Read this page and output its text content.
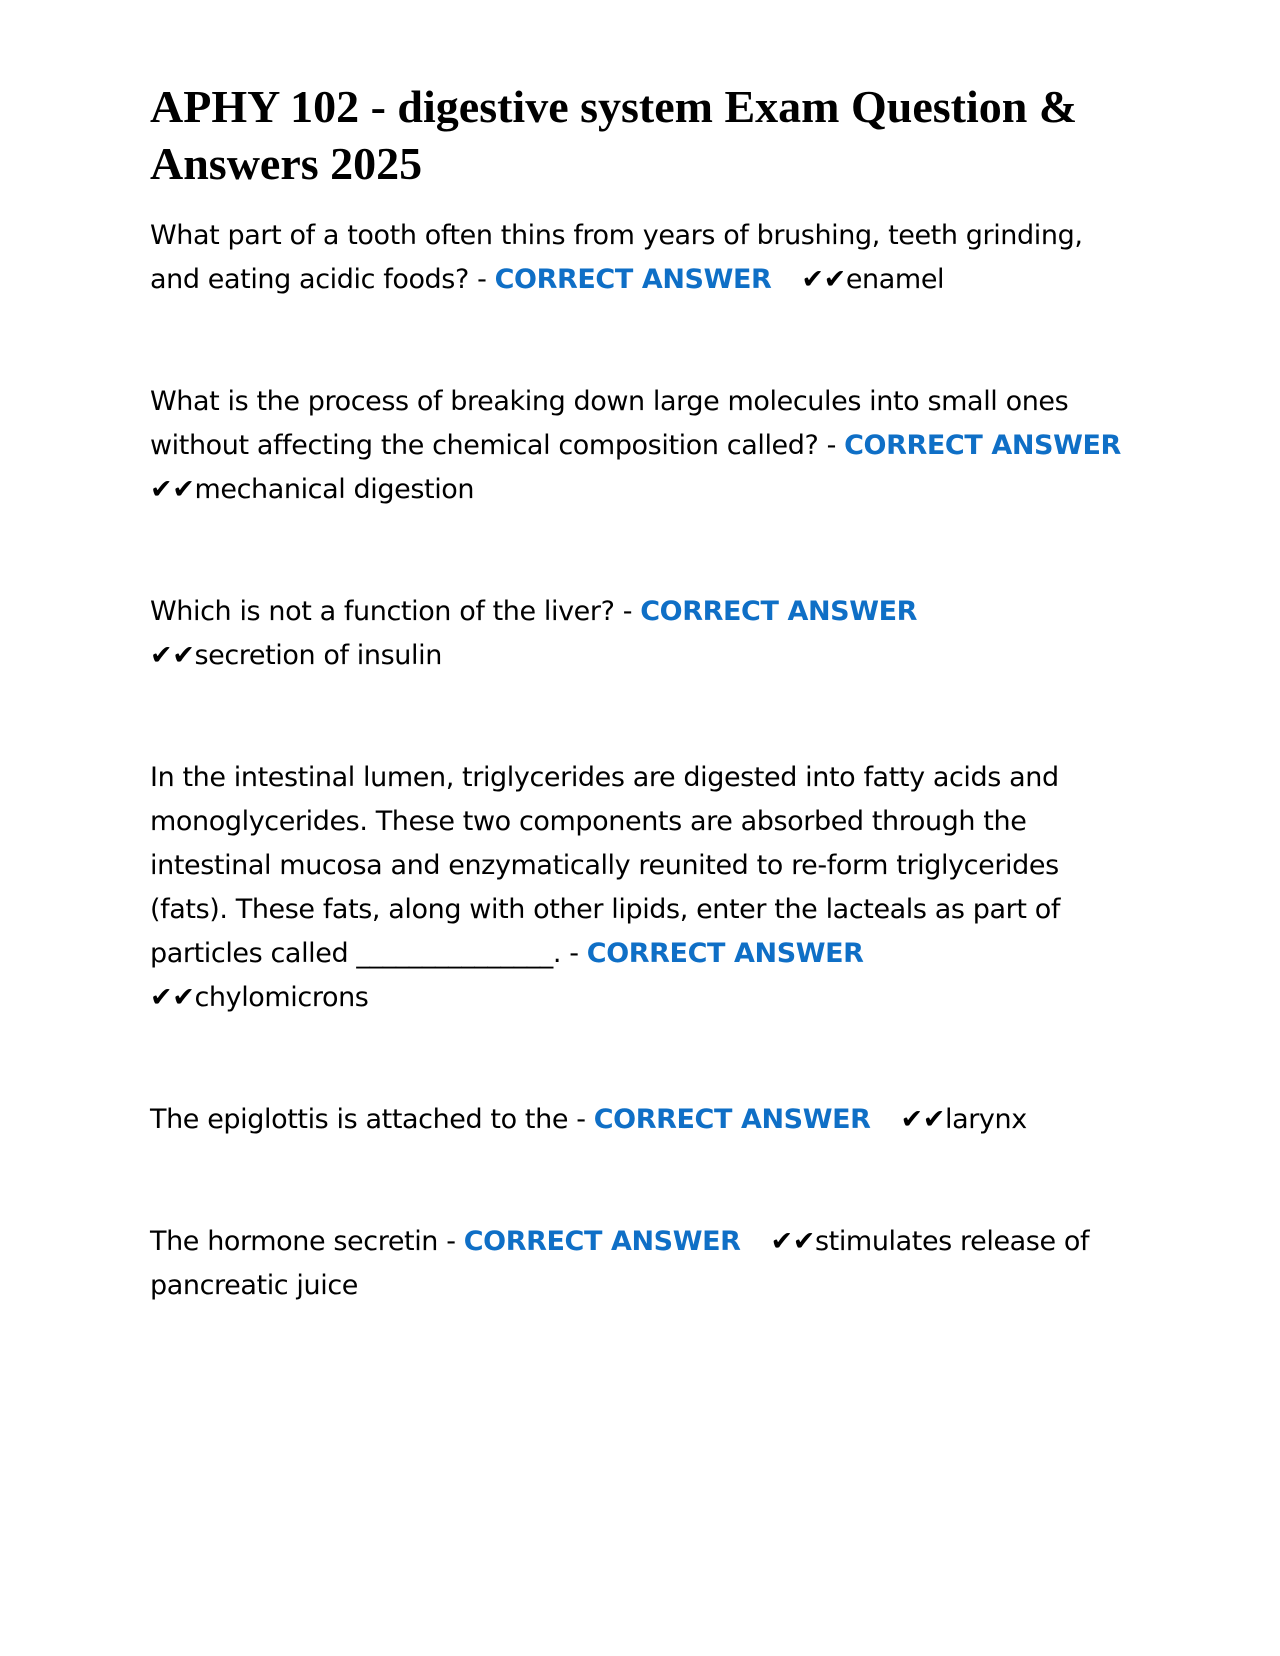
APHY 102 - digestive system Exam Question & Answers 2025

What part of a tooth often thins from years of brushing, teeth grinding, and eating acidic foods? - CORRECT ANSWER ✔✔enamel

What is the process of breaking down large molecules into small ones without affecting the chemical composition called? - CORRECT ANSWER
✔✔mechanical digestion

Which is not a function of the liver? - CORRECT ANSWER
✔✔secretion of insulin

In the intestinal lumen, triglycerides are digested into fatty acids and monoglycerides. These two components are absorbed through the intestinal mucosa and enzymatically reunited to re-form triglycerides (fats). These fats, along with other lipids, enter the lacteals as part of particles called _______________. - CORRECT ANSWER
✔✔chylomicrons

The epiglottis is attached to the - CORRECT ANSWER ✔✔larynx

The hormone secretin - CORRECT ANSWER ✔✔stimulates release of pancreatic juice
